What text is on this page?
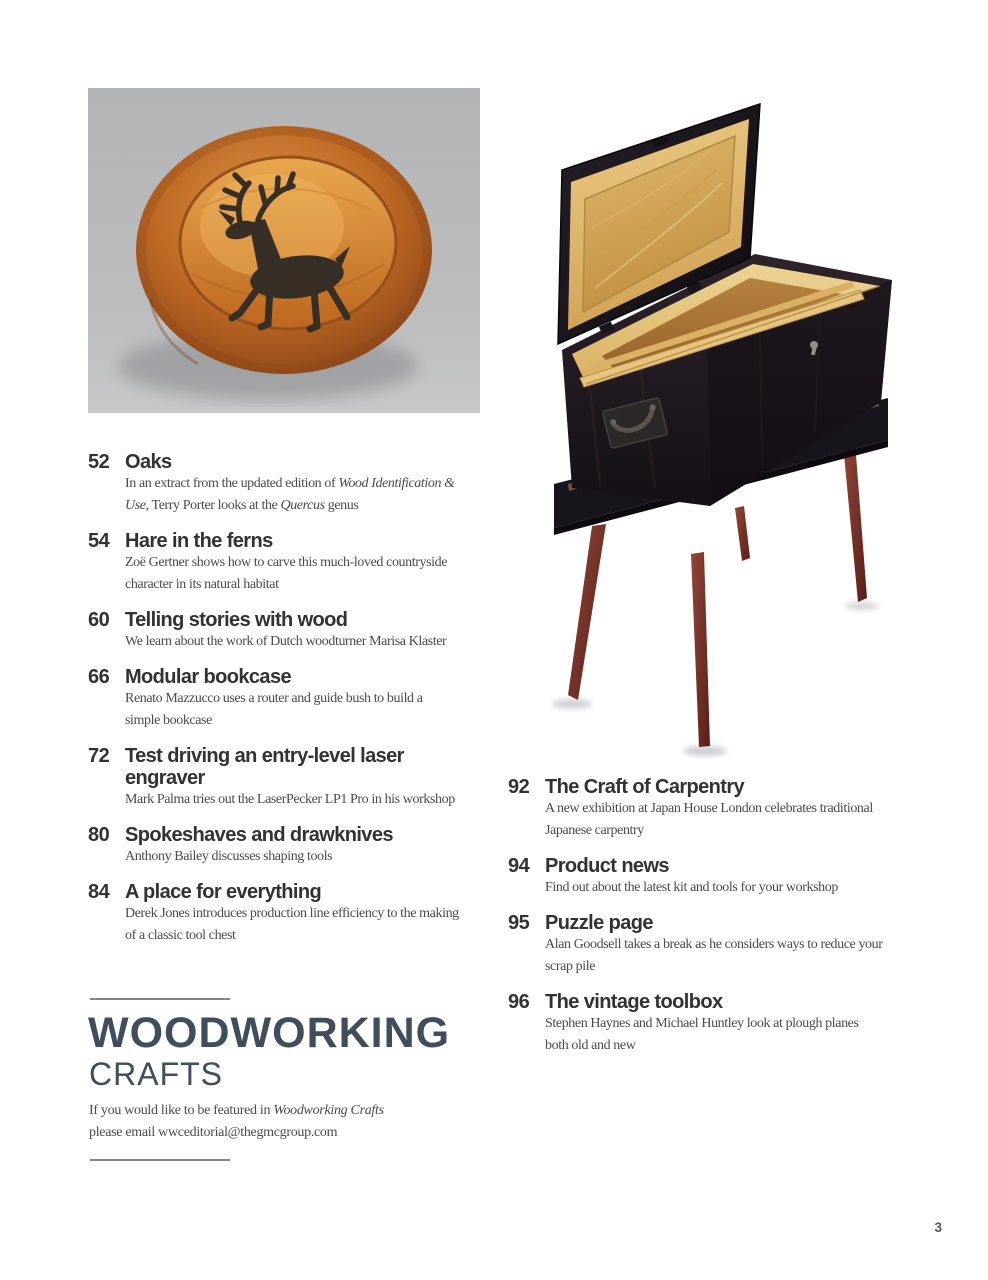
52 Oaks
In an extract from the updated edition of Wood Identification &
Use, Terry Porter looks at the Quercus genus
54 Hare in the ferns
Zoë Gertner shows how to carve this much-loved countryside
character in its natural habitat
60 Telling stories with wood
We learn about the work of Dutch woodturner Marisa Klaster
66 Modular bookcase
Renato Mazzucco uses a router and guide bush to build a
simple bookcase
72 Test driving an entry-level laser
engraver
Mark Palma tries out the LaserPecker LP1 Pro in his workshop
80 Spokeshaves and drawknives
Anthony Bailey discusses shaping tools
84 A place for everything
Derek Jones introduces production line efficiency to the making
of a classic tool chest
92 The Craft of Carpentry
A new exhibition at Japan House London celebrates traditional
Japanese carpentry
94 Product news
Find out about the latest kit and tools for your workshop
95 Puzzle page
Alan Goodsell takes a break as he considers ways to reduce your
scrap pile
96 The vintage toolbox
Stephen Haynes and Michael Huntley look at plough planes
both old and new
WOODWORKING
CRAFTS
If you would like to be featured in Woodworking Crafts
please email wwceditorial@thegmcgroup.com
3
